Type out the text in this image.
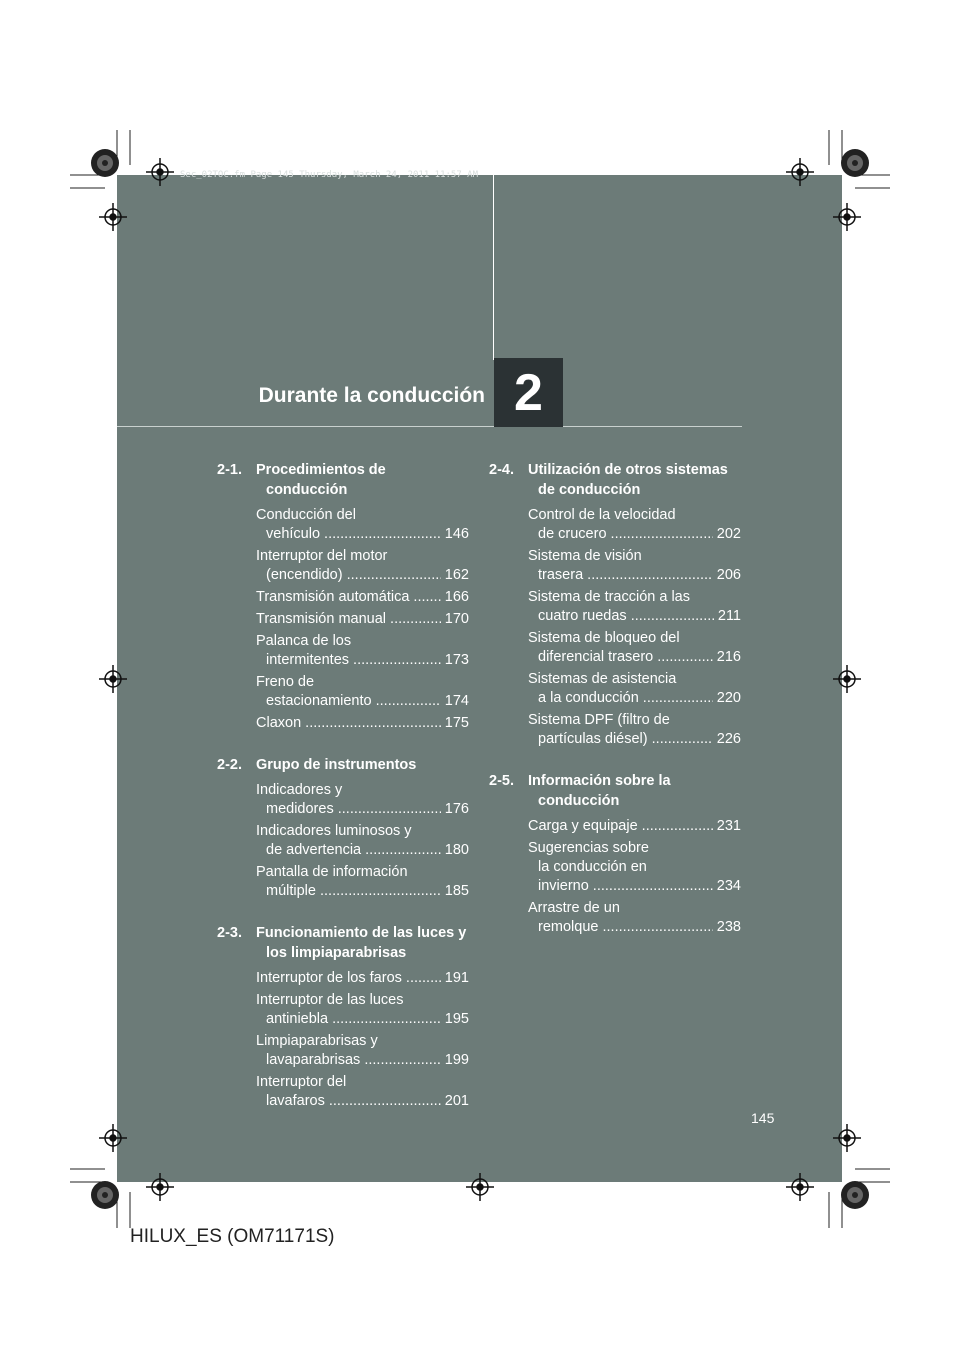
Sec_02TOC.fm Page 145 Thursday, March 24, 2011 11:57 AM
Durante la conducción 2
2-1. Procedimientos de conducción
Conducción del
vehículo .....	146
Interruptor del motor
(encendido) .....	162
Transmisión automática .....	166
Transmisión manual .....	170
Palanca de los
intermitentes .....	173
Freno de
estacionamiento .....	174
Claxon .....	175
2-2. Grupo de instrumentos
Indicadores y
medidores .....	176
Indicadores luminosos y
de advertencia .....	180
Pantalla de información
múltiple .....	185
2-3. Funcionamiento de las luces y los limpiaparabrisas
Interruptor de los faros .....	191
Interruptor de las luces
antiniebla .....	195
Limpiaparabrisas y
lavaparabrisas .....	199
Interruptor del
lavafaros .....	201
2-4. Utilización de otros sistemas de conducción
Control de la velocidad
de crucero .....	202
Sistema de visión
trasera .....	206
Sistema de tracción a las
cuatro ruedas .....	211
Sistema de bloqueo del
diferencial trasero .....	216
Sistemas de asistencia
a la conducción .....	220
Sistema DPF (filtro de
partículas diésel) .....	226
2-5. Información sobre la conducción
Carga y equipaje .....	231
Sugerencias sobre
la conducción en
invierno .....	234
Arrastre de un
remolque .....	238
145
HILUX_ES (OM71171S)
